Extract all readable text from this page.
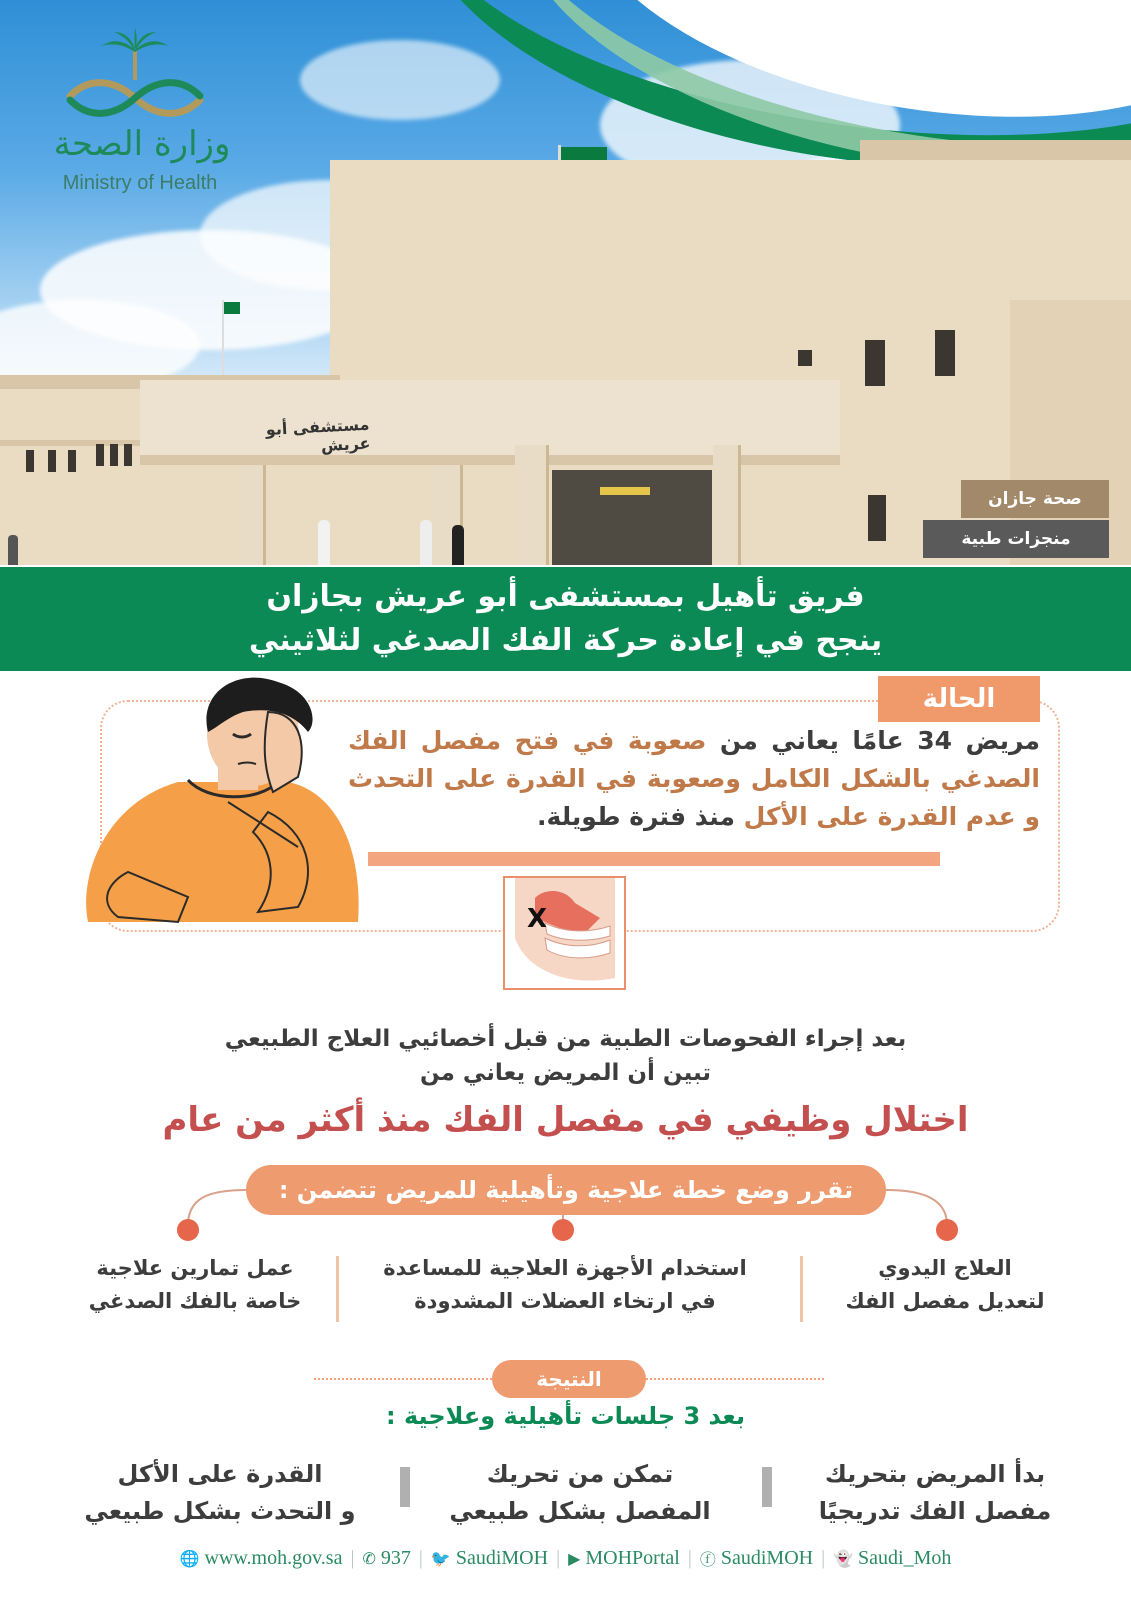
مستشفى أبو عريش
وزارة الصحة
Ministry of Health
صحة جازان
منجزات طبية
فريق تأهيل بمستشفى أبو عريش بجازان
ينجح في إعادة حركة الفك الصدغي لثلاثيني
الحالة
مريض 34 عامًا يعاني من صعوبة في فتح مفصل الفك الصدغي بالشكل الكامل وصعوبة في القدرة على التحدث و عدم القدرة على الأكل منذ فترة طويلة.
X
بعد إجراء الفحوصات الطبية من قبل أخصائيي العلاج الطبيعي
تبين أن المريض يعاني من
اختلال وظيفي في مفصل الفك منذ أكثر من عام
تقرر وضع خطة علاجية وتأهيلية للمريض تتضمن :
العلاج اليدوي
لتعديل مفصل الفك
استخدام الأجهزة العلاجية للمساعدة
في ارتخاء العضلات المشدودة
عمل تمارين علاجية
خاصة بالفك الصدغي
النتيجة
بعد 3 جلسات تأهيلية وعلاجية :
بدأ المريض بتحريك
مفصل الفك تدريجيًا
تمكن من تحريك
المفصل بشكل طبيعي
القدرة على الأكل
و التحدث بشكل طبيعي
🌐 www.moh.gov.sa | ✆ 937 | 🐦 SaudiMOH | ▶ MOHPortal | ⓕ SaudiMOH | 👻 Saudi_Moh
